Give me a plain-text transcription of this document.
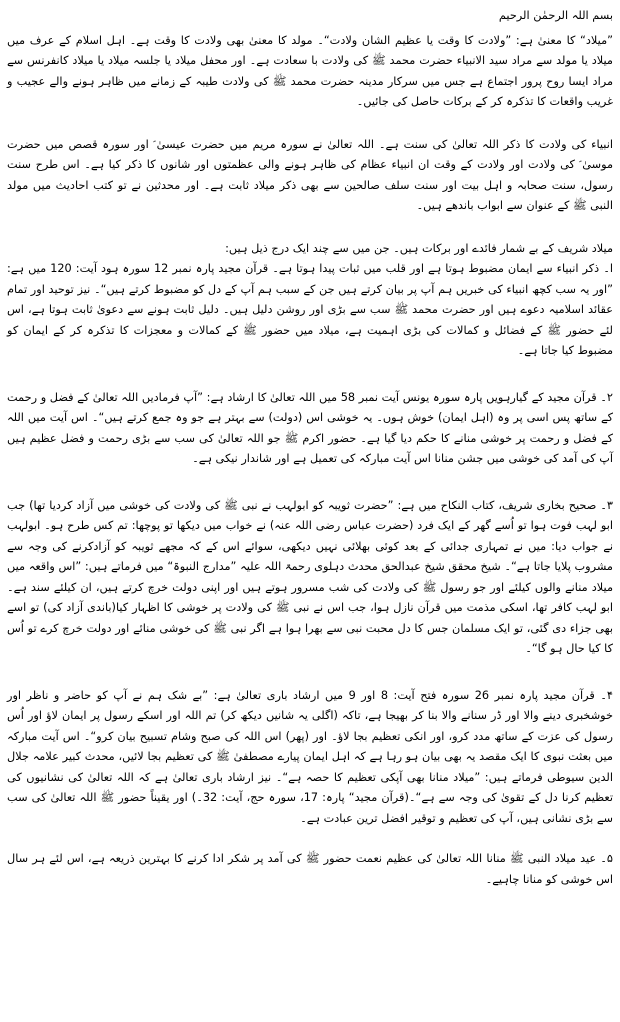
بسم اللہ الرحمٰن الرحیم

”میلاد“ کا معنیٰ ہے: ”ولادت کا وقت یا عظیم الشان ولادت“۔ مولد کا معنیٰ بھی ولادت کا وقت ہے۔ اہل اسلام کے عرف میں میلاد یا مولد سے مراد سید الانبیاء حضرت محمد ﷺ کی ولادت با سعادت ہے۔ اور محفل میلاد یا جلسہ میلاد یا میلاد کانفرنس سے مراد ایسا روح پرور اجتماع ہے جس میں سرکار مدینہ حضرت محمد ﷺ کی ولادت طیبہ کے زمانے میں ظاہر ہونے والے عجیب و غریب واقعات کا تذکرہ کر کے برکات حاصل کی جائیں۔

انبیاء کی ولادت کا ذکر اللہ تعالیٰ کی سنت ہے۔ اللہ تعالیٰ نے سورہ مریم میں حضرت عیسیٰ ؑ اور سورہ قصص میں حضرت موسیٰ ؑ کی ولادت اور ولادت کے وقت ان انبیاء عظام کی ظاہر ہونے والی عظمتوں اور شانوں کا ذکر کیا ہے۔ اس طرح سنت رسول، سنت صحابہ و اہل بیت اور سنت سلف صالحین سے بھی ذکر میلاد ثابت ہے۔ اور محدثین نے تو کتب احادیث میں مولد النبی ﷺ کے عنوان سے ابواب باندھے ہیں۔

میلاد شریف کے بے شمار فائدے اور برکات ہیں۔ جن میں سے چند ایک درج ذیل ہیں:

ا۔ ذکر انبیاء سے ایمان مضبوط ہوتا ہے اور قلب میں ثبات پیدا ہوتا ہے۔ قرآن مجید پارہ نمبر 12 سورہ ہود آیت: 120 میں ہے: ”اور یہ سب کچھ انبیاء کی خبریں ہم آپ پر بیان کرتے ہیں جن کے سبب ہم آپ کے دل کو مضبوط کرتے ہیں“۔ نیز توحید اور تمام عقائد اسلامیہ دعوے ہیں اور حضرت محمد ﷺ سب سے بڑی اور روشن دلیل ہیں۔ دلیل ثابت ہونے سے دعویٰ ثابت ہوتا ہے، اس لئے حضور ﷺ کے فضائل و کمالات کی بڑی اہمیت ہے، میلاد میں حضور ﷺ کے کمالات و معجزات کا تذکرہ کر کے ایمان کو مضبوط کیا جاتا ہے۔

۲۔ قرآن مجید کے گیارہویں پارہ سورہ یونس آیت نمبر 58 میں اللہ تعالیٰ کا ارشاد ہے: ”آپ فرمادیں اللہ تعالیٰ کے فضل و رحمت کے ساتھ پس اسی پر وہ (اہل ایمان) خوش ہوں۔ یہ خوشی اس (دولت) سے بہتر ہے جو وہ جمع کرتے ہیں“۔ اس آیت میں اللہ کے فضل و رحمت پر خوشی منانے کا حکم دیا گیا ہے۔ حضور اکرم ﷺ جو اللہ تعالیٰ کی سب سے بڑی رحمت و فضل عظیم ہیں آپ کی آمد کی خوشی میں جشن منانا اس آیت مبارکہ کی تعمیل ہے اور شاندار نیکی ہے۔

۳۔ صحیح بخاری شریف، کتاب النکاح میں ہے: ”حضرت ثویبہ کو ابولہب نے نبی ﷺ کی ولادت کی خوشی میں آزاد کردیا تھا) جب ابو لہب فوت ہوا تو اُسے گھر کے ایک فرد (حضرت عباس رضی اللہ عنہ) نے خواب میں دیکھا تو پوچھا: تم کس طرح ہو۔ ابولہب نے جواب دیا: میں نے تمہاری جدائی کے بعد کوئی بھلائی نہیں دیکھی، سوائے اس کے کہ مجھے ثویبہ کو آزادکرنے کی وجہ سے مشروب پلایا جاتا ہے“۔ شیخ محقق شیخ عبدالحق محدث دہلوی رحمۃ اللہ علیہ ”مدارج النبوۃ“ میں فرماتے ہیں: ”اس واقعہ میں میلاد منانے والوں کیلئے اور جو رسول ﷺ کی ولادت کی شب مسرور ہوتے ہیں اور اپنی دولت خرچ کرتے ہیں، ان کیلئے سند ہے۔ ابو لہب کافر تھا، اسکی مذمت میں قرآن نازل ہوا، جب اس نے نبی ﷺ کی ولادت پر خوشی کا اظہار کیا(باندی آزاد کی) تو اسے بھی جزاء دی گئی، تو ایک مسلمان جس کا دل محبت نبی سے بھرا ہوا ہے اگر نبی ﷺ کی خوشی منائے اور دولت خرچ کرے تو اُس کا کیا حال ہو گا“۔

۴۔ قرآن مجید پارہ نمبر 26 سورہ فتح آیت: 8 اور 9 میں ارشاد باری تعالیٰ ہے: ”بے شک ہم نے آپ کو حاضر و ناظر اور خوشخبری دینے والا اور ڈر سنانے والا بنا کر بھیجا ہے، تاکہ (اگلی یہ شانیں دیکھ کر) تم اللہ اور اسکے رسول پر ایمان لاؤ اور اُس رسول کی عزت کے ساتھ مدد کرو، اور انکی تعظیم بجا لاؤ۔ اور (پھر) اس اللہ کی صبح وشام تسبیح بیان کرو“۔ اس آیت مبارکہ میں بعثت نبوی کا ایک مقصد یہ بھی بیان ہو رہا ہے کہ اہل ایمان پیارے مصطفیٰ ﷺ کی تعظیم بجا لائیں، محدث کبیر علامہ جلال الدین سیوطی فرماتے ہیں: ”میلاد منانا بھی آپکی تعظیم کا حصہ ہے“۔ نیز ارشاد باری تعالیٰ ہے کہ اللہ تعالیٰ کی نشانیوں کی تعظیم کرنا دل کے تقویٰ کی وجہ سے ہے“۔(قرآن مجید“ پارہ: 17، سورہ حج، آیت: 32۔) اور یقیناً حضور ﷺ اللہ تعالیٰ کی سب سے بڑی نشانی ہیں، آپ کی تعظیم و توقیر افضل ترین عبادت ہے۔

۵۔ عید میلاد النبی ﷺ منانا اللہ تعالیٰ کی عظیم نعمت حضور ﷺ کی آمد پر شکر ادا کرنے کا بہترین ذریعہ ہے، اس لئے ہر سال اس خوشی کو منانا چاہیے۔
